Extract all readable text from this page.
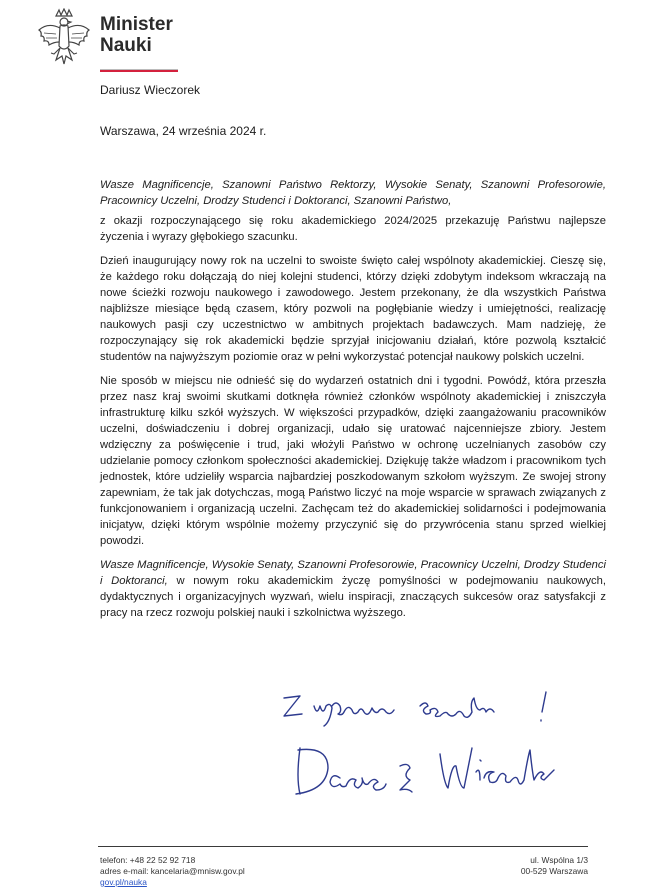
Minister
Nauki
Dariusz Wieczorek
Warszawa, 24 września 2024 r.

Wasze Magnificencje, Szanowni Państwo Rektorzy, Wysokie Senaty, Szanowni Profesorowie, Pracownicy Uczelni, Drodzy Studenci i Doktoranci, Szanowni Państwo,

z okazji rozpoczynającego się roku akademickiego 2024/2025 przekazuję Państwu najlepsze życzenia i wyrazy głębokiego szacunku.

Dzień inaugurujący nowy rok na uczelni to swoiste święto całej wspólnoty akademickiej. Cieszę się, że każdego roku dołączają do niej kolejni studenci, którzy dzięki zdobytym indeksom wkraczają na nowe ścieżki rozwoju naukowego i zawodowego. Jestem przekonany, że dla wszystkich Państwa najbliższe miesiące będą czasem, który pozwoli na pogłębianie wiedzy i umiejętności, realizację naukowych pasji czy uczestnictwo w ambitnych projektach badawczych. Mam nadzieję, że rozpoczynający się rok akademicki będzie sprzyjał inicjowaniu działań, które pozwolą kształcić studentów na najwyższym poziomie oraz w pełni wykorzystać potencjał naukowy polskich uczelni.

Nie sposób w miejscu nie odnieść się do wydarzeń ostatnich dni i tygodni. Powódź, która przeszła przez nasz kraj swoimi skutkami dotknęła również członków wspólnoty akademickiej i zniszczyła infrastrukturę kilku szkół wyższych. W większości przypadków, dzięki zaangażowaniu pracowników uczelni, doświadczeniu i dobrej organizacji, udało się uratować najcenniejsze zbiory. Jestem wdzięczny za poświęcenie i trud, jaki włożyli Państwo w ochronę uczelnianych zasobów czy udzielanie pomocy członkom społeczności akademickiej. Dziękuję także władzom i pracownikom tych jednostek, które udzieliły wsparcia najbardziej poszkodowanym szkołom wyższym. Ze swojej strony zapewniam, że tak jak dotychczas, mogą Państwo liczyć na moje wsparcie w sprawach związanych z funkcjonowaniem i organizacją uczelni. Zachęcam też do akademickiej solidarności i podejmowania inicjatyw, dzięki którym wspólnie możemy przyczynić się do przywrócenia stanu sprzed wielkiej powodzi.

Wasze Magnificencje, Wysokie Senaty, Szanowni Profesorowie, Pracownicy Uczelni, Drodzy Studenci i Doktoranci, w nowym roku akademickim życzę pomyślności w podejmowaniu naukowych, dydaktycznych i organizacyjnych wyzwań, wielu inspiracji, znaczących sukcesów oraz satysfakcji z pracy na rzecz rozwoju polskiej nauki i szkolnictwa wyższego.

telefon: +48 22 52 92 718
adres e-mail: kancelaria@mnisw.gov.pl
gov.pl/nauka
ul. Wspólna 1/3
00-529 Warszawa
